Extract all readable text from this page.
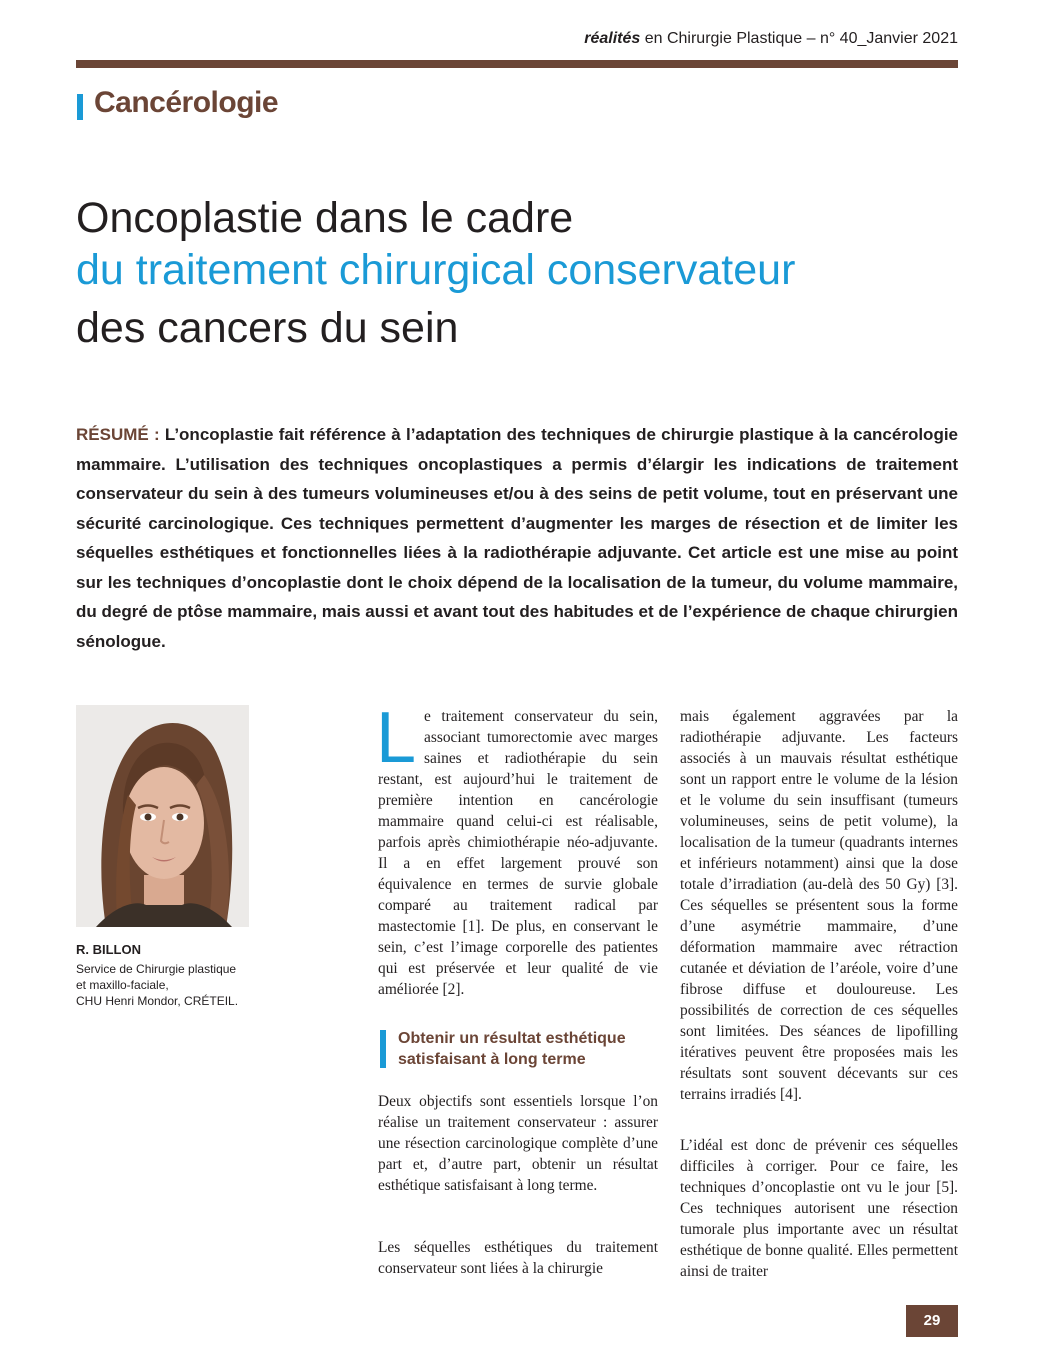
réalités en Chirurgie Plastique – n° 40_Janvier 2021
Cancérologie
Oncoplastie dans le cadre
du traitement chirurgical conservateur
des cancers du sein

RÉSUMÉ : L’oncoplastie fait référence à l’adaptation des techniques de chirurgie plastique à la cancérologie mammaire. L’utilisation des techniques oncoplastiques a permis d’élargir les indications de traitement conservateur du sein à des tumeurs volumineuses et/ou à des seins de petit volume, tout en préservant une sécurité carcinologique. Ces techniques permettent d’augmenter les marges de résection et de limiter les séquelles esthétiques et fonctionnelles liées à la radiothérapie adjuvante. Cet article est une mise au point sur les techniques d’oncoplastie dont le choix dépend de la localisation de la tumeur, du volume mammaire, du degré de ptôse mammaire, mais aussi et avant tout des habitudes et de l’expérience de chaque chirurgien sénologue.

R. BILLON
Service de Chirurgie plastique
et maxillo-faciale,
CHU Henri Mondor, CRÉTEIL.
L e traitement conservateur du sein, associant tumorectomie avec marges saines et radiothérapie du sein restant, est aujourd’hui le traitement de première intention en cancérologie mammaire quand celui-ci est réalisable, parfois après chimiothérapie néo-adjuvante. Il a en effet largement prouvé son équivalence en termes de survie globale comparé au traitement radical par mastectomie [1]. De plus, en conservant le sein, c’est l’image corporelle des patientes qui est préservée et leur qualité de vie améliorée [2].

Obtenir un résultat esthétique satisfaisant à long terme

Deux objectifs sont essentiels lorsque l’on réalise un traitement conservateur : assurer une résection carcinologique complète d’une part et, d’autre part, obtenir un résultat esthétique satisfaisant à long terme.

Les séquelles esthétiques du traitement conservateur sont liées à la chirurgie

mais également aggravées par la radiothérapie adjuvante. Les facteurs associés à un mauvais résultat esthétique sont un rapport entre le volume de la lésion et le volume du sein insuffisant (tumeurs volumineuses, seins de petit volume), la localisation de la tumeur (quadrants internes et inférieurs notamment) ainsi que la dose totale d’irradiation (au-delà des 50 Gy) [3]. Ces séquelles se présentent sous la forme d’une asymétrie mammaire, d’une déformation mammaire avec rétraction cutanée et déviation de l’aréole, voire d’une fibrose diffuse et douloureuse. Les possibilités de correction de ces séquelles sont limitées. Des séances de lipofilling itératives peuvent être proposées mais les résultats sont souvent décevants sur ces terrains irradiés [4].

L’idéal est donc de prévenir ces séquelles difficiles à corriger. Pour ce faire, les techniques d’oncoplastie ont vu le jour [5]. Ces techniques autorisent une résection tumorale plus importante avec un résultat esthétique de bonne qualité. Elles permettent ainsi de traiter

29
